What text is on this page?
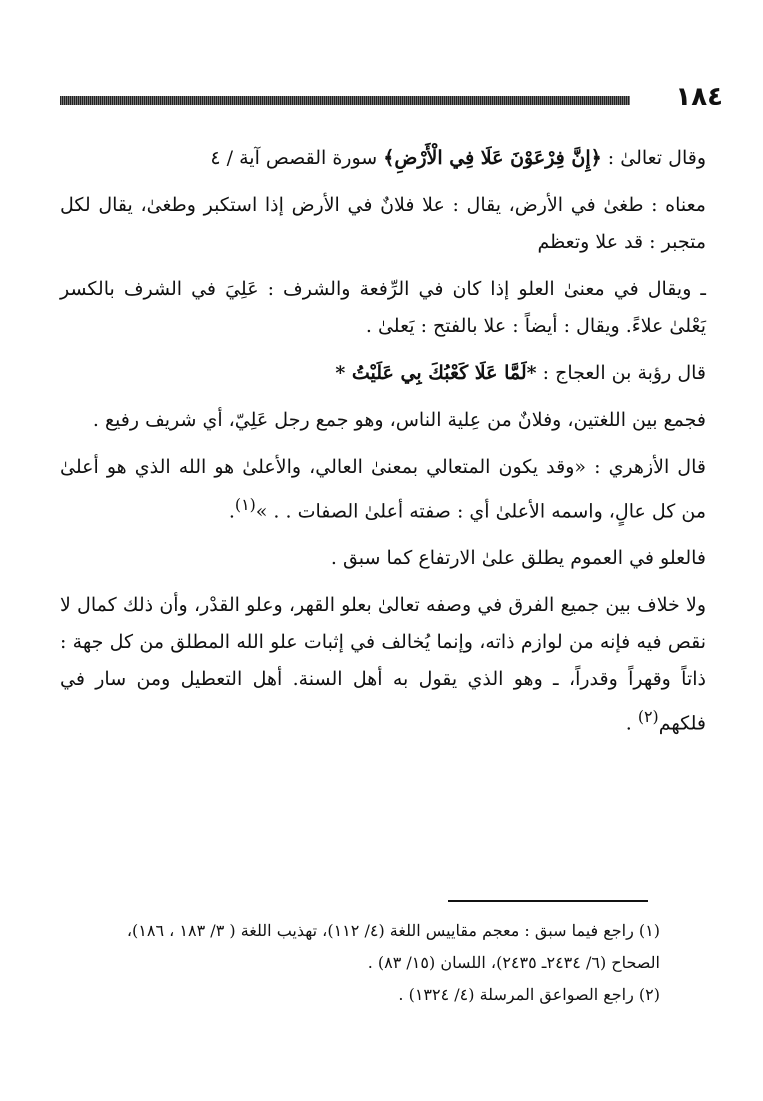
١٨٤

وقال تعالىٰ : ﴿إِنَّ فِرْعَوْنَ عَلَا فِي الْأَرْضِ﴾ سورة القصص آية / ٤

معناه : طغىٰ في الأرض، يقال : علا فلانٌ في الأرض إذا استكبر وطغىٰ، يقال لكل متجبر : قد علا وتعظم

ـ ويقال في معنىٰ العلو إذا كان في الرِّفعة والشرف : عَلِيَ في الشرف بالكسر يَعْلىٰ علاءً. ويقال : أيضاً : علا بالفتح : يَعلىٰ .

قال رؤبة بن العجاج : *لَمَّا عَلَا كَعْبُكَ بِي عَلَيْتُ *

فجمع بين اللغتين، وفلانٌ من عِلية الناس، وهو جمع رجل عَلِيّ، أي شريف رفيع .

قال الأزهري : «وقد يكون المتعالي بمعنىٰ العالي، والأعلىٰ هو الله الذي هو أعلىٰ من كل عالٍ، واسمه الأعلىٰ أي : صفته أعلىٰ الصفات . . »$^{(١)}$.

فالعلو في العموم يطلق علىٰ الارتفاع كما سبق .

ولا خلاف بين جميع الفرق في وصفه تعالىٰ بعلو القهر، وعلو القدْر، وأن ذلك كمال لا نقص فيه فإنه من لوازم ذاته، وإنما يُخالف في إثبات علو الله المطلق من كل جهة : ذاتاً وقهراً وقدراً، ـ وهو الذي يقول به أهل السنة. أهل التعطيل ومن سار في فلكهم$^{(٢)}$ .

(١) راجع فيما سبق : معجم مقاييس اللغة (٤/ ١١٢)، تهذيب اللغة ( ٣/ ١٨٣ ، ١٨٦)،

الصحاح (٦/ ٢٤٣٤ـ ٢٤٣٥)، اللسان (١٥/ ٨٣) .

(٢) راجع الصواعق المرسلة (٤/ ١٣٢٤) .
